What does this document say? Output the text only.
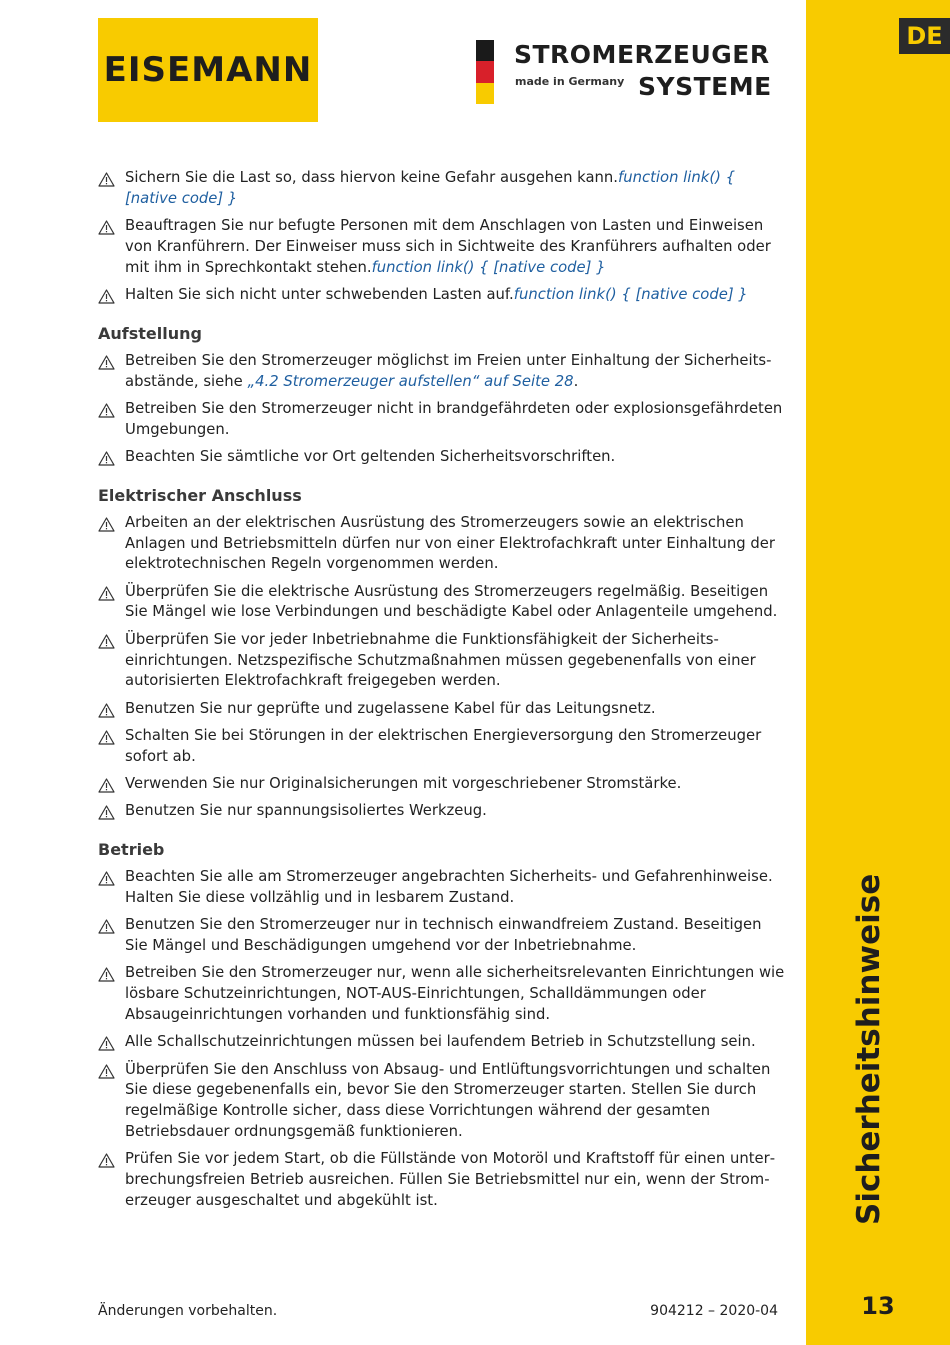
EISEMANN	STROMERZEUGER
made in Germany SYSTEME
DE
Sicherheitshinweise
13
Sichern Sie die Last so, dass hiervon keine Gefahr ausgehen kann.function link() { [native code] }
Beauftragen Sie nur befugte Personen mit dem Anschlagen von Lasten und Einweisen von Kranführern. Der Einweiser muss sich in Sichtweite des Kranführers aufhalten oder mit ihm in Sprechkontakt stehen.function link() { [native code] }
Halten Sie sich nicht unter schwebenden Lasten auf.function link() { [native code] }
Aufstellung
Betreiben Sie den Stromerzeuger möglichst im Freien unter Einhaltung der Sicherheitsabstände, siehe „4.2 Stromerzeuger aufstellen“ auf Seite 28.
Betreiben Sie den Stromerzeuger nicht in brandgefährdeten oder explosionsgefährdeten Umgebungen.
Beachten Sie sämtliche vor Ort geltenden Sicherheitsvorschriften.
Elektrischer Anschluss
Arbeiten an der elektrischen Ausrüstung des Stromerzeugers sowie an elektrischen Anlagen und Betriebsmitteln dürfen nur von einer Elektrofachkraft unter Einhaltung der elektrotechnischen Regeln vorgenommen werden.
Überprüfen Sie die elektrische Ausrüstung des Stromerzeugers regelmäßig. Beseitigen Sie Mängel wie lose Verbindungen und beschädigte Kabel oder Anlagenteile umgehend.
Überprüfen Sie vor jeder Inbetriebnahme die Funktionsfähigkeit der Sicherheitseinrichtungen. Netzspezifische Schutzmaßnahmen müssen gegebenenfalls von einer autorisierten Elektrofachkraft freigegeben werden.
Benutzen Sie nur geprüfte und zugelassene Kabel für das Leitungsnetz.
Schalten Sie bei Störungen in der elektrischen Energieversorgung den Stromerzeuger sofort ab.
Verwenden Sie nur Originalsicherungen mit vorgeschriebener Stromstärke.
Benutzen Sie nur spannungsisoliertes Werkzeug.
Betrieb
Beachten Sie alle am Stromerzeuger angebrachten Sicherheits- und Gefahrenhinweise. Halten Sie diese vollzählig und in lesbarem Zustand.
Benutzen Sie den Stromerzeuger nur in technisch einwandfreiem Zustand. Beseitigen Sie Mängel und Beschädigungen umgehend vor der Inbetriebnahme.
Betreiben Sie den Stromerzeuger nur, wenn alle sicherheitsrelevanten Einrichtungen wie lösbare Schutzeinrichtungen, NOT-AUS-Einrichtungen, Schalldämmungen oder Absaugeinrichtungen vorhanden und funktionsfähig sind.
Alle Schallschutzeinrichtungen müssen bei laufendem Betrieb in Schutzstellung sein.
Überprüfen Sie den Anschluss von Absaug- und Entlüftungsvorrichtungen und schalten Sie diese gegebenenfalls ein, bevor Sie den Stromerzeuger starten. Stellen Sie durch regelmäßige Kontrolle sicher, dass diese Vorrichtungen während der gesamten Betriebsdauer ordnungsgemäß funktionieren.
Prüfen Sie vor jedem Start, ob die Füllstände von Motoröl und Kraftstoff für einen unterbrechungsfreien Betrieb ausreichen. Füllen Sie Betriebsmittel nur ein, wenn der Stromerzeuger ausgeschaltet und abgekühlt ist.
Änderungen vorbehalten.	904212 – 2020-04
